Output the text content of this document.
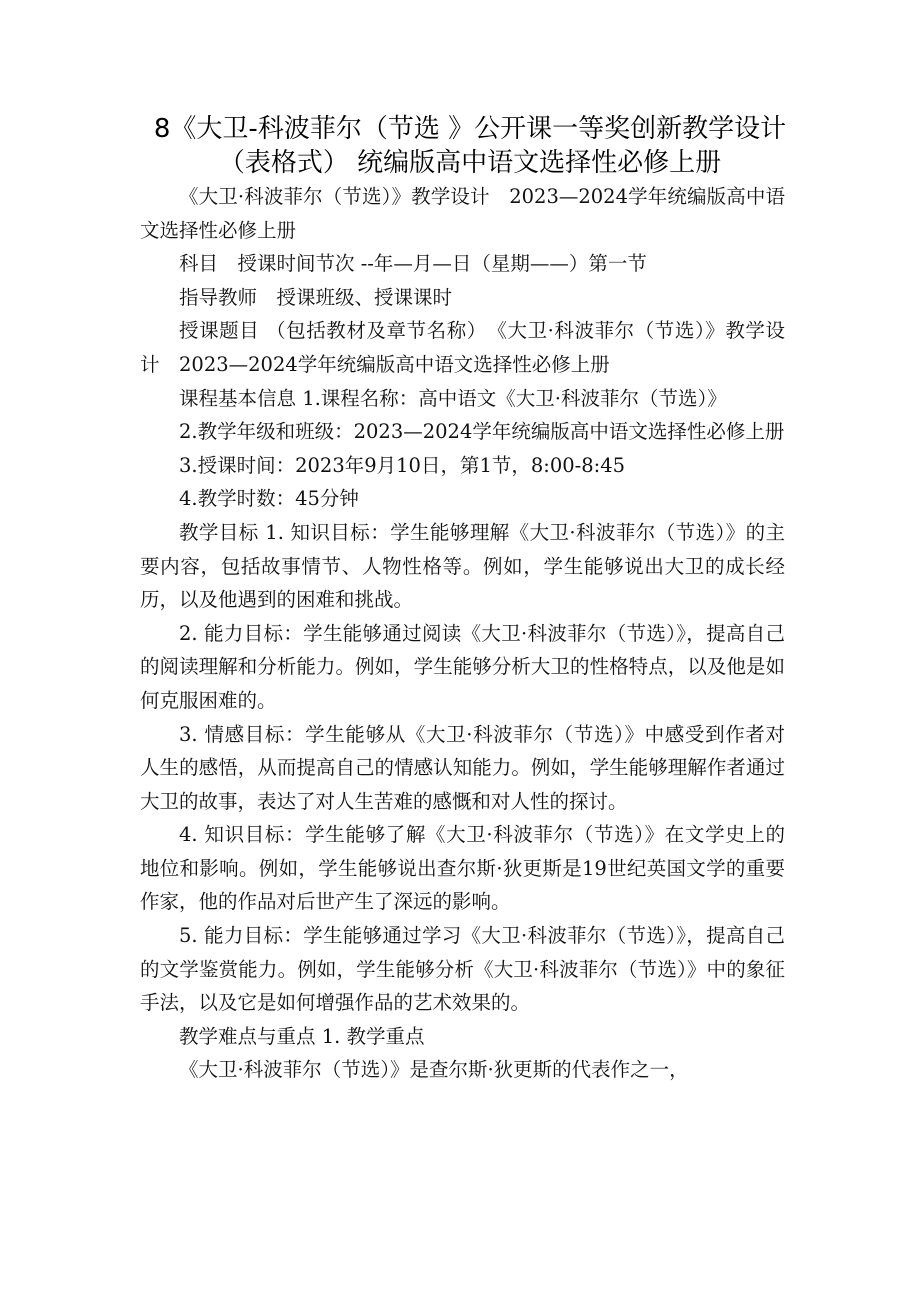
8《大卫-科波菲尔（节选 》公开课一等奖创新教学设计 （表格式） 统编版高中语文选择性必修上册

《大卫·科波菲尔（节选）》教学设计　2023—2024学年统编版高中语文选择性必修上册

科目　授课时间节次 --年—月—日（星期——）第一节

指导教师　授课班级、授课课时

授课题目 （包括教材及章节名称）　《大卫·科波菲尔（节选）》教学设计　2023—2024学年统编版高中语文选择性必修上册

课程基本信息 1.课程名称：高中语文《大卫·科波菲尔（节选）》

2.教学年级和班级：2023—2024学年统编版高中语文选择性必修上册

3.授课时间：2023年9月10日，第1节，8:00-8:45

4.教学时数：45分钟

教学目标 1. 知识目标：学生能够理解《大卫·科波菲尔（节选）》的主要内容，包括故事情节、人物性格等。例如，学生能够说出大卫的成长经历，以及他遇到的困难和挑战。

2. 能力目标：学生能够通过阅读《大卫·科波菲尔（节选）》，提高自己的阅读理解和分析能力。例如，学生能够分析大卫的性格特点，以及他是如何克服困难的。

3. 情感目标：学生能够从《大卫·科波菲尔（节选）》中感受到作者对人生的感悟，从而提高自己的情感认知能力。例如，学生能够理解作者通过大卫的故事，表达了对人生苦难的感慨和对人性的探讨。

4. 知识目标：学生能够了解《大卫·科波菲尔（节选）》在文学史上的地位和影响。例如，学生能够说出查尔斯·狄更斯是19世纪英国文学的重要作家，他的作品对后世产生了深远的影响。

5. 能力目标：学生能够通过学习《大卫·科波菲尔（节选）》，提高自己的文学鉴赏能力。例如，学生能够分析《大卫·科波菲尔（节选）》中的象征手法，以及它是如何增强作品的艺术效果的。

教学难点与重点 1. 教学重点

《大卫·科波菲尔（节选）》是查尔斯·狄更斯的代表作之一，
